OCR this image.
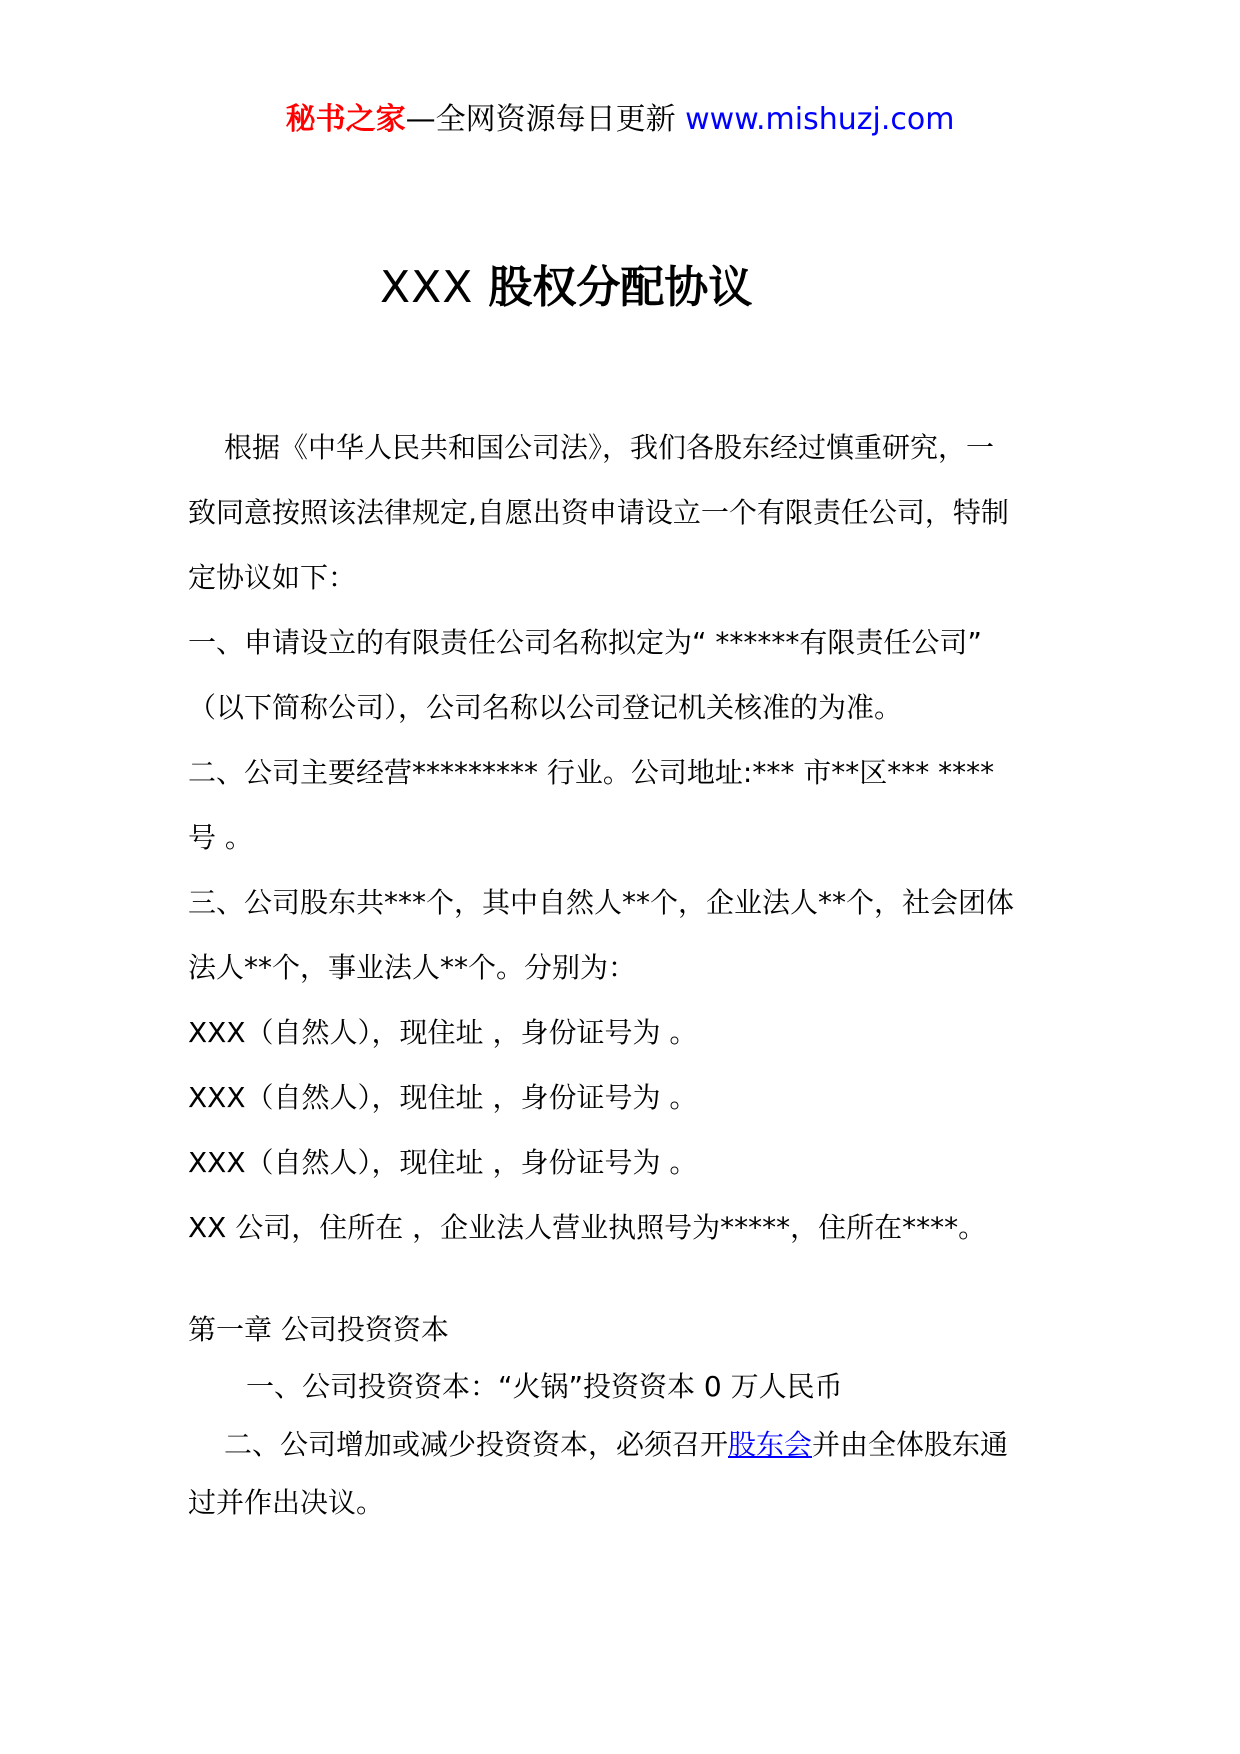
秘书之家—全网资源每日更新 www.mishuzj.com
XXX 股权分配协议
根据《中华人民共和国公司法》，我们各股东经过慎重研究，一
致同意按照该法律规定,自愿出资申请设立一个有限责任公司，特制
定协议如下：
一、申请设立的有限责任公司名称拟定为“ ******有限责任公司”
（以下简称公司），公司名称以公司登记机关核准的为准。
二、公司主要经营********* 行业。公司地址:*** 市**区*** ****
号 。
三、公司股东共***个，其中自然人**个，企业法人**个，社会团体
法人**个，事业法人**个。分别为：
XXX（自然人），现住址 ，身份证号为 。
XXX（自然人），现住址 ，身份证号为 。
XXX（自然人），现住址 ，身份证号为 。
XX 公司，住所在 ，企业法人营业执照号为*****，住所在****。
第一章 公司投资资本
一、公司投资资本：“火锅”投资资本 0 万人民币
二、公司增加或减少投资资本，必须召开股东会并由全体股东通
过并作出决议。
